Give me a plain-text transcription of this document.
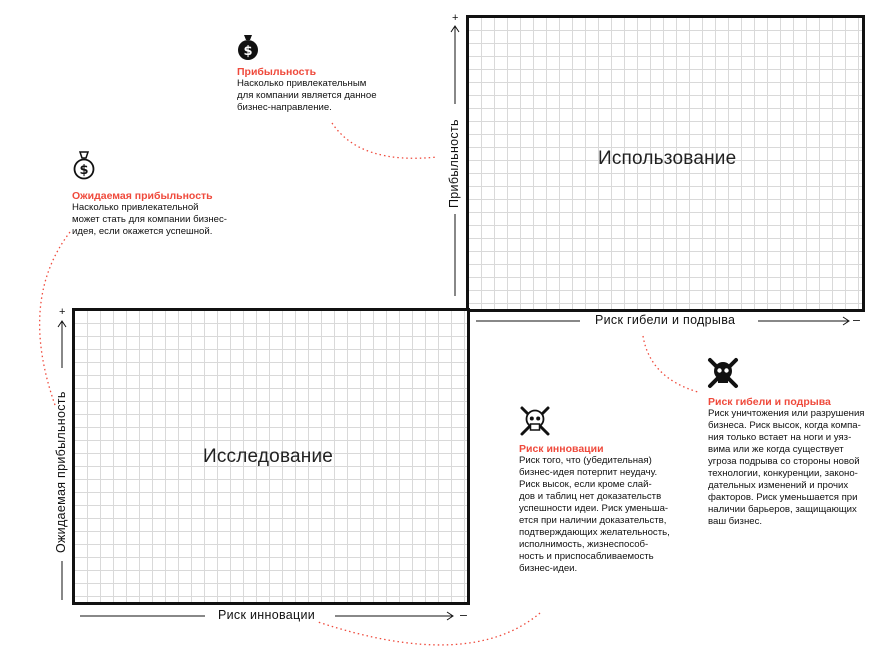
Использование
Исследование
+
+
–
–
Прибыльность
Ожидаемая прибыльность
Риск гибели и подрыва
Риск инновации
$
$
Прибыльность
Насколько привлекательным
для компании является данное
бизнес-направление.
Ожидаемая прибыльность
Насколько привлекательной
может стать для компании бизнес-
идея, если окажется успешной.
Риск гибели и подрыва
Риск уничтожения или разрушения
бизнеса. Риск высок, когда компа-
ния только встает на ноги и уяз-
вима или же когда существует
угроза подрыва со стороны новой
технологии, конкуренции, законо-
дательных изменений и прочих
факторов. Риск уменьшается при
наличии барьеров, защищающих
ваш бизнес.
Риск инновации
Риск того, что (убедительная)
бизнес-идея потерпит неудачу.
Риск высок, если кроме слай-
дов и таблиц нет доказательств
успешности идеи. Риск уменьша-
ется при наличии доказательств,
подтверждающих желательность,
исполнимость, жизнеспособ-
ность и приспосабливаемость
бизнес-идеи.
